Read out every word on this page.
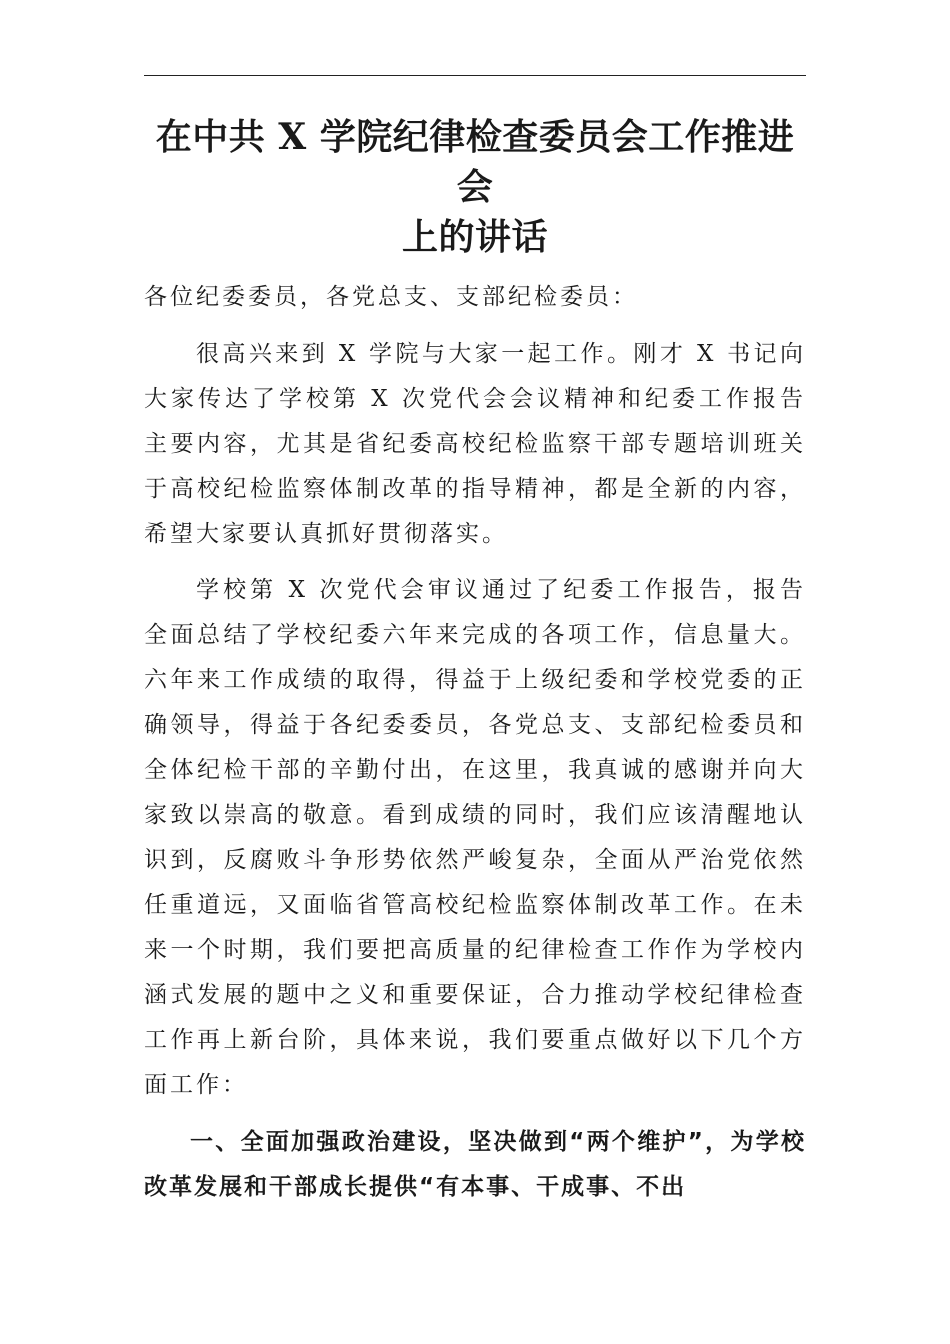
在中共 X 学院纪律检查委员会工作推进会
上的讲话

各位纪委委员，各党总支、支部纪检委员：

很高兴来到 X 学院与大家一起工作。刚才 X 书记向大家传达了学校第 X 次党代会会议精神和纪委工作报告主要内容，尤其是省纪委高校纪检监察干部专题培训班关于高校纪检监察体制改革的指导精神，都是全新的内容，希望大家要认真抓好贯彻落实。

学校第 X 次党代会审议通过了纪委工作报告，报告全面总结了学校纪委六年来完成的各项工作，信息量大。六年来工作成绩的取得，得益于上级纪委和学校党委的正确领导，得益于各纪委委员，各党总支、支部纪检委员和全体纪检干部的辛勤付出，在这里，我真诚的感谢并向大家致以崇高的敬意。看到成绩的同时，我们应该清醒地认识到，反腐败斗争形势依然严峻复杂，全面从严治党依然任重道远，又面临省管高校纪检监察体制改革工作。在未来一个时期，我们要把高质量的纪律检查工作作为学校内涵式发展的题中之义和重要保证，合力推动学校纪律检查工作再上新台阶，具体来说，我们要重点做好以下几个方面工作：

一、全面加强政治建设，坚决做到“两个维护”，为学校改革发展和干部成长提供“有本事、干成事、不出
